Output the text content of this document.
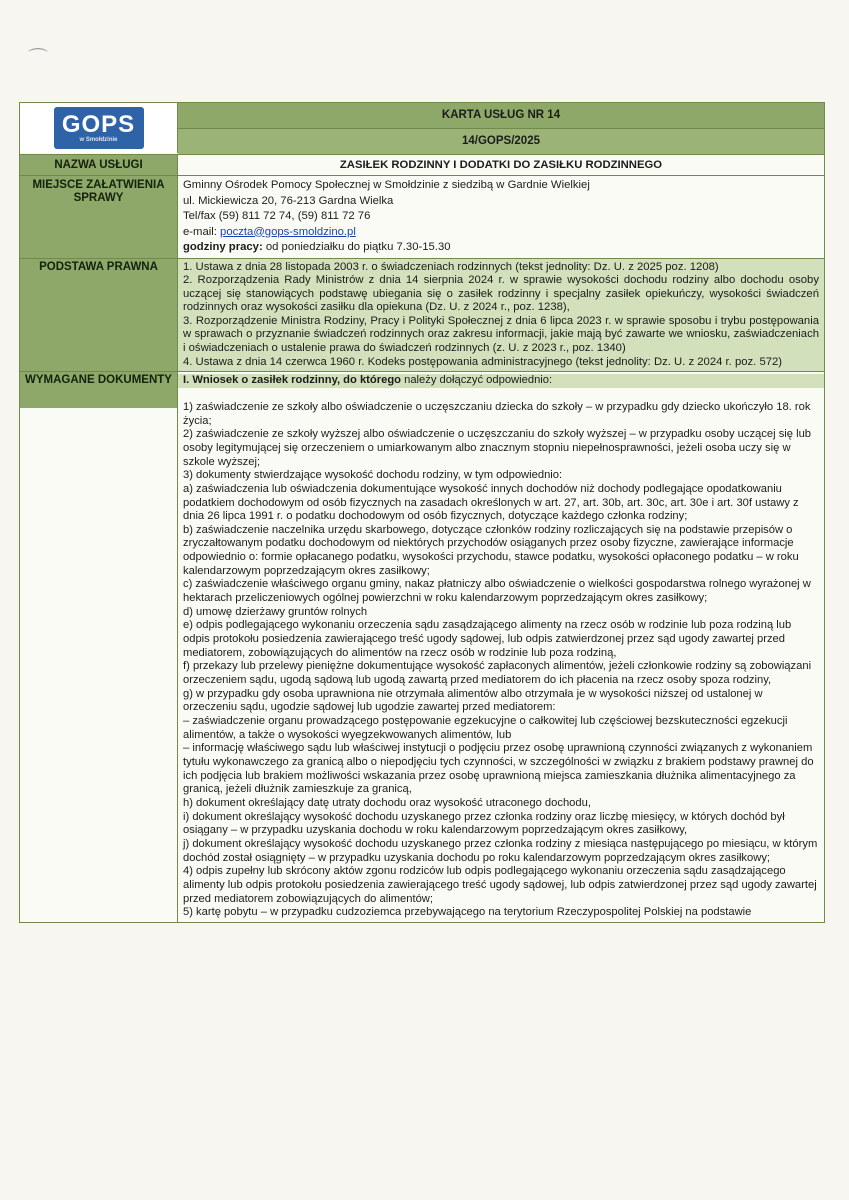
⌒
GOPS
w Smołdzinie
KARTA USŁUG NR 14
14/GOPS/2025
NAZWA USŁUGI	ZASIŁEK RODZINNY I DODATKI DO ZASIŁKU RODZINNEGO
MIEJSCE ZAŁATWIENIA SPRAWY
Gminny Ośrodek Pomocy Społecznej w Smołdzinie z siedzibą w Gardnie Wielkiej
ul. Mickiewicza 20, 76-213 Gardna Wielka
Tel/fax (59) 811 72 74, (59) 811 72 76
e-mail: poczta@gops-smoldzino.pl
godziny pracy: od poniedziałku do piątku 7.30-15.30
PODSTAWA PRAWNA	1. Ustawa z dnia 28 listopada 2003 r. o świadczeniach rodzinnych (tekst jednolity: Dz. U. z 2025 poz. 1208)

2. Rozporządzenia Rady Ministrów z dnia 14 sierpnia 2024 r. w sprawie wysokości dochodu rodziny albo dochodu osoby uczącej się stanowiących podstawę ubiegania się o zasiłek rodzinny i specjalny zasiłek opiekuńczy, wysokości świadczeń rodzinnych oraz wysokości zasiłku dla opiekuna (Dz. U. z 2024 r., poz. 1238),

3. Rozporządzenie Ministra Rodziny, Pracy i Polityki Społecznej z dnia 6 lipca 2023 r. w sprawie sposobu i trybu postępowania w sprawach o przyznanie świadczeń rodzinnych oraz zakresu informacji, jakie mają być zawarte we wniosku, zaświadczeniach i oświadczeniach o ustalenie prawa do świadczeń rodzinnych (z. U. z 2023 r., poz. 1340)

4. Ustawa z dnia 14 czerwca 1960 r. Kodeks postępowania administracyjnego (tekst jednolity: Dz. U. z 2024 r. poz. 572)

WYMAGANE DOKUMENTY I. Wniosek o zasiłek rodzinny, do którego należy dołączyć odpowiednio:

1) zaświadczenie ze szkoły albo oświadczenie o uczęszczaniu dziecka do szkoły – w przypadku gdy dziecko ukończyło 18. rok życia;

2) zaświadczenie ze szkoły wyższej albo oświadczenie o uczęszczaniu do szkoły wyższej – w przypadku osoby uczącej się lub osoby legitymującej się orzeczeniem o umiarkowanym albo znacznym stopniu niepełnosprawności, jeżeli osoba uczy się w szkole wyższej;

3) dokumenty stwierdzające wysokość dochodu rodziny, w tym odpowiednio:

a) zaświadczenia lub oświadczenia dokumentujące wysokość innych dochodów niż dochody podlegające opodatkowaniu podatkiem dochodowym od osób fizycznych na zasadach określonych w art. 27, art. 30b, art. 30c, art. 30e i art. 30f ustawy z dnia 26 lipca 1991 r. o podatku dochodowym od osób fizycznych, dotyczące każdego członka rodziny;

b) zaświadczenie naczelnika urzędu skarbowego, dotyczące członków rodziny rozliczających się na podstawie przepisów o zryczałtowanym podatku dochodowym od niektórych przychodów osiąganych przez osoby fizyczne, zawierające informacje odpowiednio o: formie opłacanego podatku, wysokości przychodu, stawce podatku, wysokości opłaconego podatku – w roku kalendarzowym poprzedzającym okres zasiłkowy;

c) zaświadczenie właściwego organu gminy, nakaz płatniczy albo oświadczenie o wielkości gospodarstwa rolnego wyrażonej w hektarach przeliczeniowych ogólnej powierzchni w roku kalendarzowym poprzedzającym okres zasiłkowy;

d) umowę dzierżawy gruntów rolnych

e) odpis podlegającego wykonaniu orzeczenia sądu zasądzającego alimenty na rzecz osób w rodzinie lub poza rodziną lub odpis protokołu posiedzenia zawierającego treść ugody sądowej, lub odpis zatwierdzonej przez sąd ugody zawartej przed mediatorem, zobowiązujących do alimentów na rzecz osób w rodzinie lub poza rodziną,

f) przekazy lub przelewy pieniężne dokumentujące wysokość zapłaconych alimentów, jeżeli członkowie rodziny są zobowiązani orzeczeniem sądu, ugodą sądową lub ugodą zawartą przed mediatorem do ich płacenia na rzecz osoby spoza rodziny,

g) w przypadku gdy osoba uprawniona nie otrzymała alimentów albo otrzymała je w wysokości niższej od ustalonej w orzeczeniu sądu, ugodzie sądowej lub ugodzie zawartej przed mediatorem:

– zaświadczenie organu prowadzącego postępowanie egzekucyjne o całkowitej lub częściowej bezskuteczności egzekucji alimentów, a także o wysokości wyegzekwowanych alimentów, lub

– informację właściwego sądu lub właściwej instytucji o podjęciu przez osobę uprawnioną czynności związanych z wykonaniem tytułu wykonawczego za granicą albo o niepodjęciu tych czynności, w szczególności w związku z brakiem podstawy prawnej do ich podjęcia lub brakiem możliwości wskazania przez osobę uprawnioną miejsca zamieszkania dłużnika alimentacyjnego za granicą, jeżeli dłużnik zamieszkuje za granicą,

h) dokument określający datę utraty dochodu oraz wysokość utraconego dochodu,

i) dokument określający wysokość dochodu uzyskanego przez członka rodziny oraz liczbę miesięcy, w których dochód był osiągany – w przypadku uzyskania dochodu w roku kalendarzowym poprzedzającym okres zasiłkowy,

j) dokument określający wysokość dochodu uzyskanego przez członka rodziny z miesiąca następującego po miesiącu, w którym dochód został osiągnięty – w przypadku uzyskania dochodu po roku kalendarzowym poprzedzającym okres zasiłkowy;

4) odpis zupełny lub skrócony aktów zgonu rodziców lub odpis podlegającego wykonaniu orzeczenia sądu zasądzającego alimenty lub odpis protokołu posiedzenia zawierającego treść ugody sądowej, lub odpis zatwierdzonej przez sąd ugody zawartej przed mediatorem zobowiązujących do alimentów;

5) kartę pobytu – w przypadku cudzoziemca przebywającego na terytorium Rzeczypospolitej Polskiej na podstawie
